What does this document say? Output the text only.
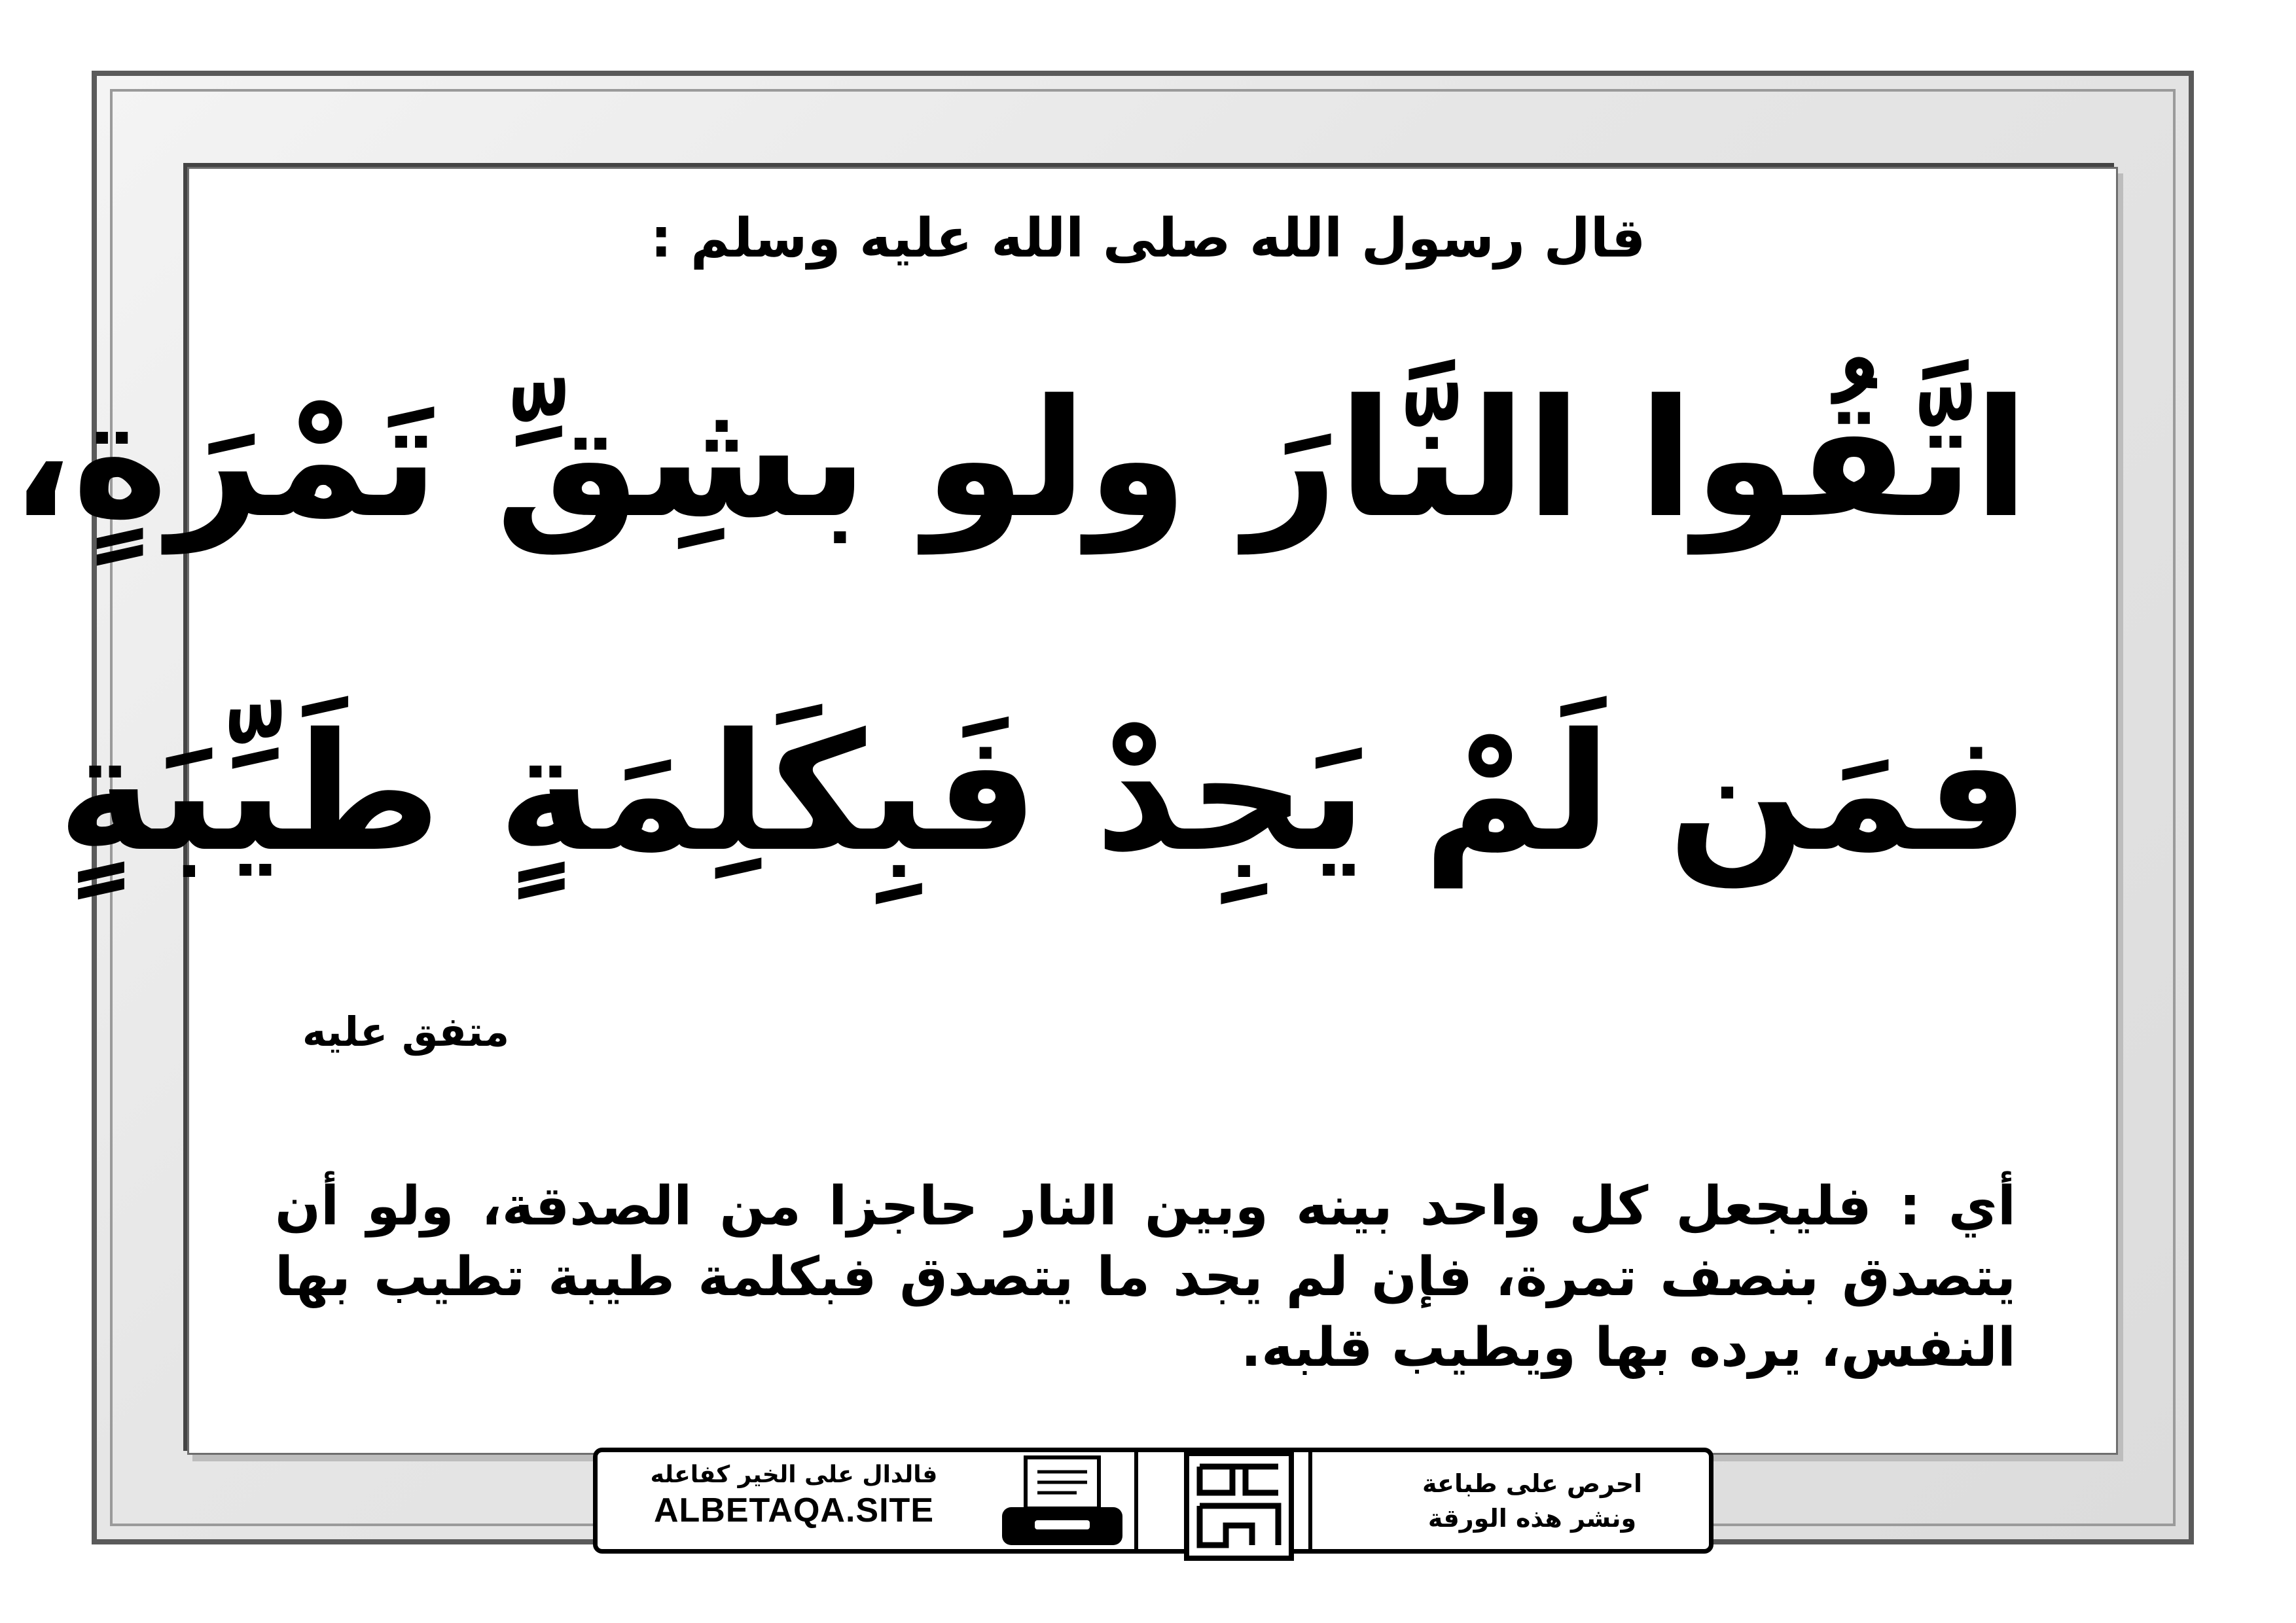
قال رسول الله صلى الله عليه وسلم :
اتَّقُوا النَّارَ ولو بشِقِّ تَمْرَةٍ،
فمَن لَمْ يَجِدْ فَبِكَلِمَةٍ طَيِّبَةٍ
متفق عليه
أي : فليجعل كل واحد بينه وبين النار حاجزا من الصدقة، ولو أن يتصدق بنصف تمرة، فإن لم يجد ما يتصدق فبكلمة طيبة تطيب بها النفس، يرده بها ويطيب قلبه.
فالدال على الخير كفاعله
ALBETAQA.SITE
احرص على طباعة
ونشر هذه الورقة
